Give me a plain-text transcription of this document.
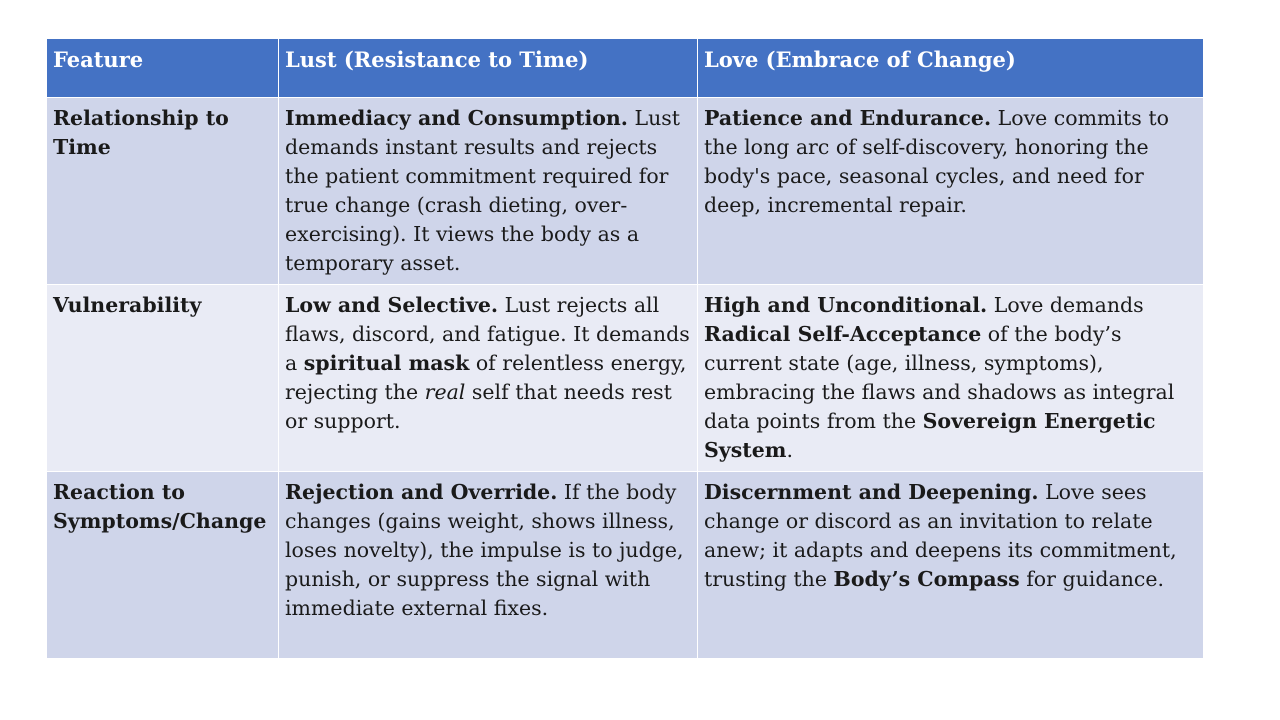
Feature	Lust (Resistance to Time)	Love (Embrace of Change)
Relationship to Time	Immediacy and Consumption. Lust demands instant results and rejects the patient commitment required for true change (crash dieting, over-exercising). It views the body as a temporary asset.	Patience and Endurance. Love commits to the long arc of self-discovery, honoring the body's pace, seasonal cycles, and need for deep, incremental repair.
Vulnerability	Low and Selective. Lust rejects all flaws, discord, and fatigue. It demands a spiritual mask of relentless energy, rejecting the real self that needs rest or support.	High and Unconditional. Love demands Radical Self-Acceptance of the body’s current state (age, illness, symptoms), embracing the flaws and shadows as integral data points from the Sovereign Energetic System.
Reaction to Symptoms/Change	Rejection and Override. If the body changes (gains weight, shows illness, loses novelty), the impulse is to judge, punish, or suppress the signal with immediate external fixes.	Discernment and Deepening. Love sees change or discord as an invitation to relate anew; it adapts and deepens its commitment, trusting the Body’s Compass for guidance.
